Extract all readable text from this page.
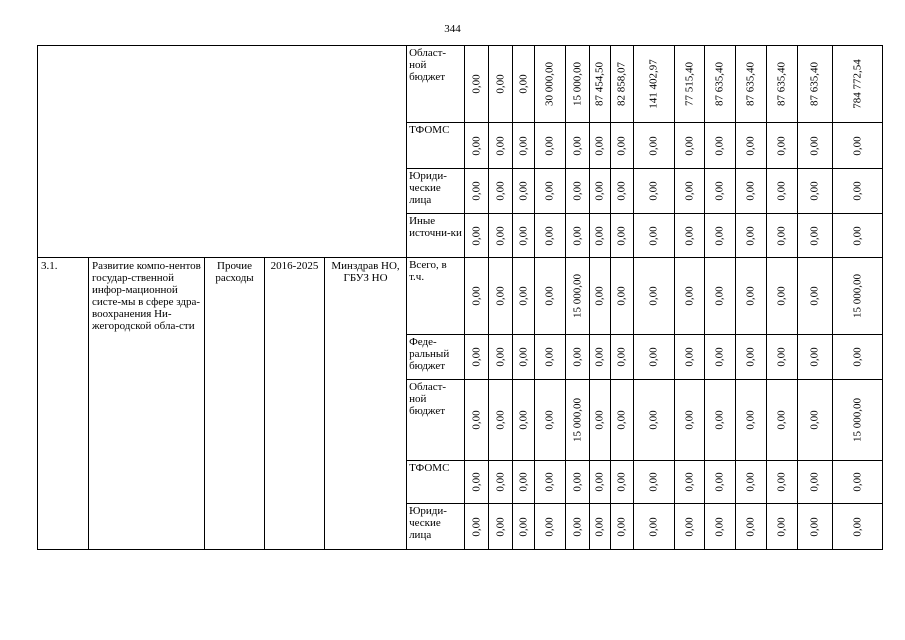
344

					Област-ной бюджет	0,00	0,00	0,00	30 000,00	15 000,00	87 454,50	82 858,07	141 402,97	77 515,40	87 635,40	87 635,40	87 635,40	87 635,40	784 772,54

					ТФОМС	0,00	0,00	0,00	0,00	0,00	0,00	0,00	0,00	0,00	0,00	0,00	0,00	0,00	0,00

					Юриди-ческие лица	0,00	0,00	0,00	0,00	0,00	0,00	0,00	0,00	0,00	0,00	0,00	0,00	0,00	0,00

					Иные источни-ки	0,00	0,00	0,00	0,00	0,00	0,00	0,00	0,00	0,00	0,00	0,00	0,00	0,00	0,00

3.1.	Развитие компо-нентов государ-ственной инфор-мационной систе-мы в сфере здра-воохранения Ни-жегородской обла-сти	Прочие расходы	2016-2025	Минздрав НО, ГБУЗ НО	Всего, в т.ч.	0,00	0,00	0,00	0,00	15 000,00	0,00	0,00	0,00	0,00	0,00	0,00	0,00	0,00	15 000,00

					Феде-ральный бюджет	0,00	0,00	0,00	0,00	0,00	0,00	0,00	0,00	0,00	0,00	0,00	0,00	0,00	0,00

					Област-ной бюджет	0,00	0,00	0,00	0,00	15 000,00	0,00	0,00	0,00	0,00	0,00	0,00	0,00	0,00	15 000,00

					ТФОМС	0,00	0,00	0,00	0,00	0,00	0,00	0,00	0,00	0,00	0,00	0,00	0,00	0,00	0,00

					Юриди-ческие лица	0,00	0,00	0,00	0,00	0,00	0,00	0,00	0,00	0,00	0,00	0,00	0,00	0,00	0,00
